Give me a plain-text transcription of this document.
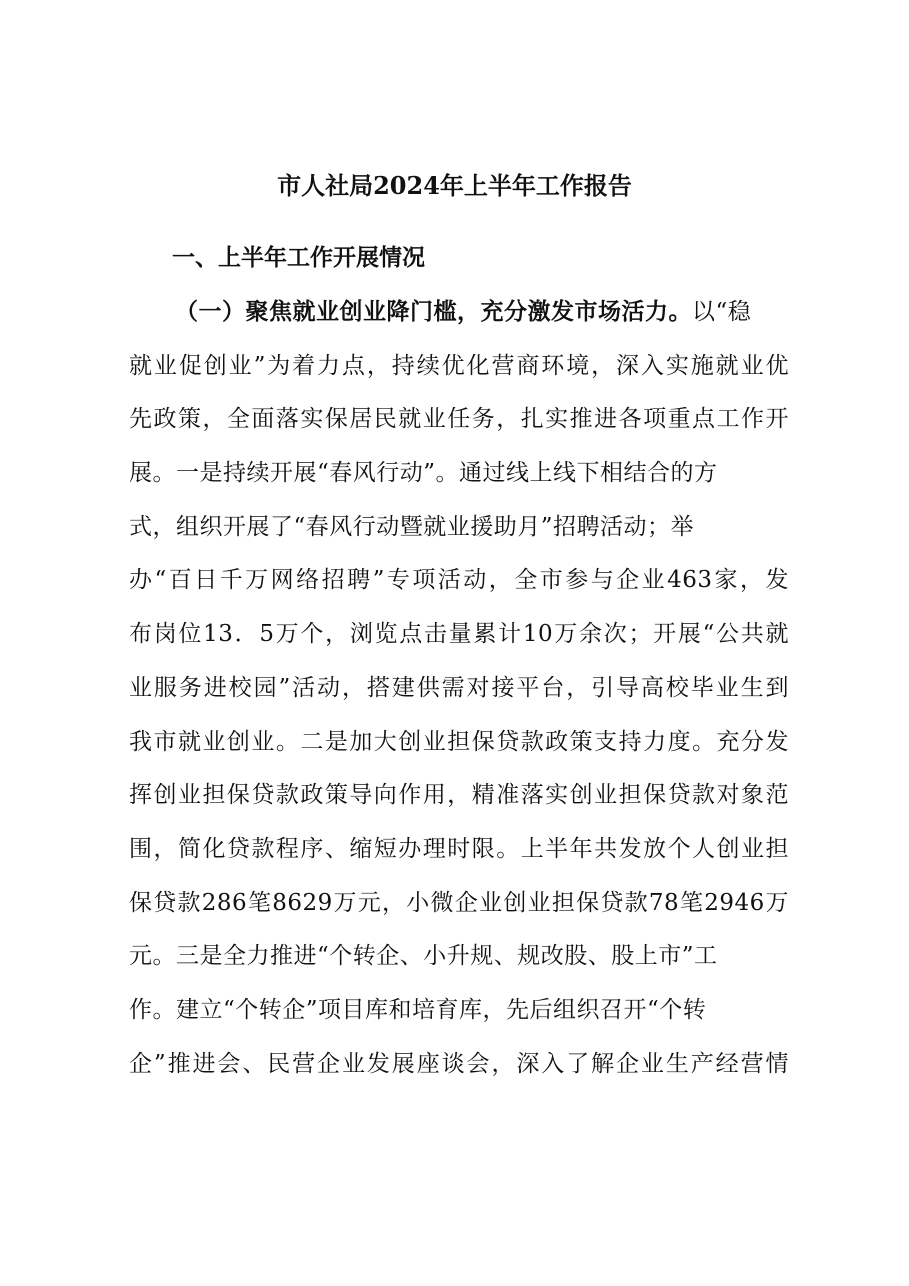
市人社局2024年上半年工作报告
一、上半年工作开展情况
（一）聚焦就业创业降门槛，充分激发市场活力。以“稳
就业促创业”为着力点，持续优化营商环境，深入实施就业优
先政策，全面落实保居民就业任务，扎实推进各项重点工作开
展。一是持续开展“春风行动”。通过线上线下相结合的方
式，组织开展了“春风行动暨就业援助月”招聘活动；举
办“百日千万网络招聘”专项活动，全市参与企业463家，发
布岗位13．5万个，浏览点击量累计10万余次；开展“公共就
业服务进校园”活动，搭建供需对接平台，引导高校毕业生到
我市就业创业。二是加大创业担保贷款政策支持力度。充分发
挥创业担保贷款政策导向作用，精准落实创业担保贷款对象范
围，简化贷款程序、缩短办理时限。上半年共发放个人创业担
保贷款286笔8629万元，小微企业创业担保贷款78笔2946万
元。三是全力推进“个转企、小升规、规改股、股上市”工
作。建立“个转企”项目库和培育库，先后组织召开“个转
企”推进会、民营企业发展座谈会，深入了解企业生产经营情
